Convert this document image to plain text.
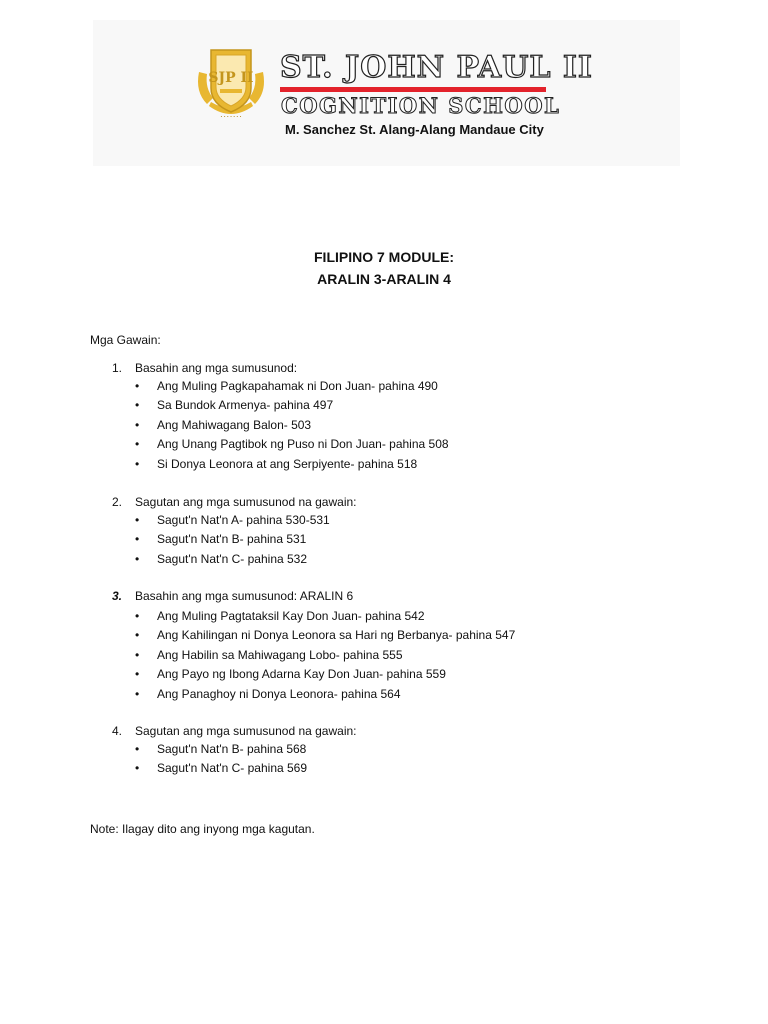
SJP II
• • • • • • •
ST. JOHN PAUL II
COGNITION SCHOOL
M. Sanchez St. Alang-Alang Mandaue City
FILIPINO 7 MODULE:
ARALIN 3-ARALIN 4
Mga Gawain:
1. Basahin ang mga sumusunod:
• Ang Muling Pagkapahamak ni Don Juan- pahina 490
• Sa Bundok Armenya- pahina 497
• Ang Mahiwagang Balon- 503
• Ang Unang Pagtibok ng Puso ni Don Juan- pahina 508
• Si Donya Leonora at ang Serpiyente- pahina 518
2. Sagutan ang mga sumusunod na gawain:
• Sagut'n Nat'n A- pahina 530-531
• Sagut'n Nat'n B- pahina 531
• Sagut'n Nat'n C- pahina 532
3. Basahin ang mga sumusunod: ARALIN 6
• Ang Muling Pagtataksil Kay Don Juan- pahina 542
• Ang Kahilingan ni Donya Leonora sa Hari ng Berbanya- pahina 547
• Ang Habilin sa Mahiwagang Lobo- pahina 555
• Ang Payo ng Ibong Adarna Kay Don Juan- pahina 559
• Ang Panaghoy ni Donya Leonora- pahina 564
4. Sagutan ang mga sumusunod na gawain:
• Sagut'n Nat'n B- pahina 568
• Sagut'n Nat'n C- pahina 569
Note: Ilagay dito ang inyong mga kagutan.
